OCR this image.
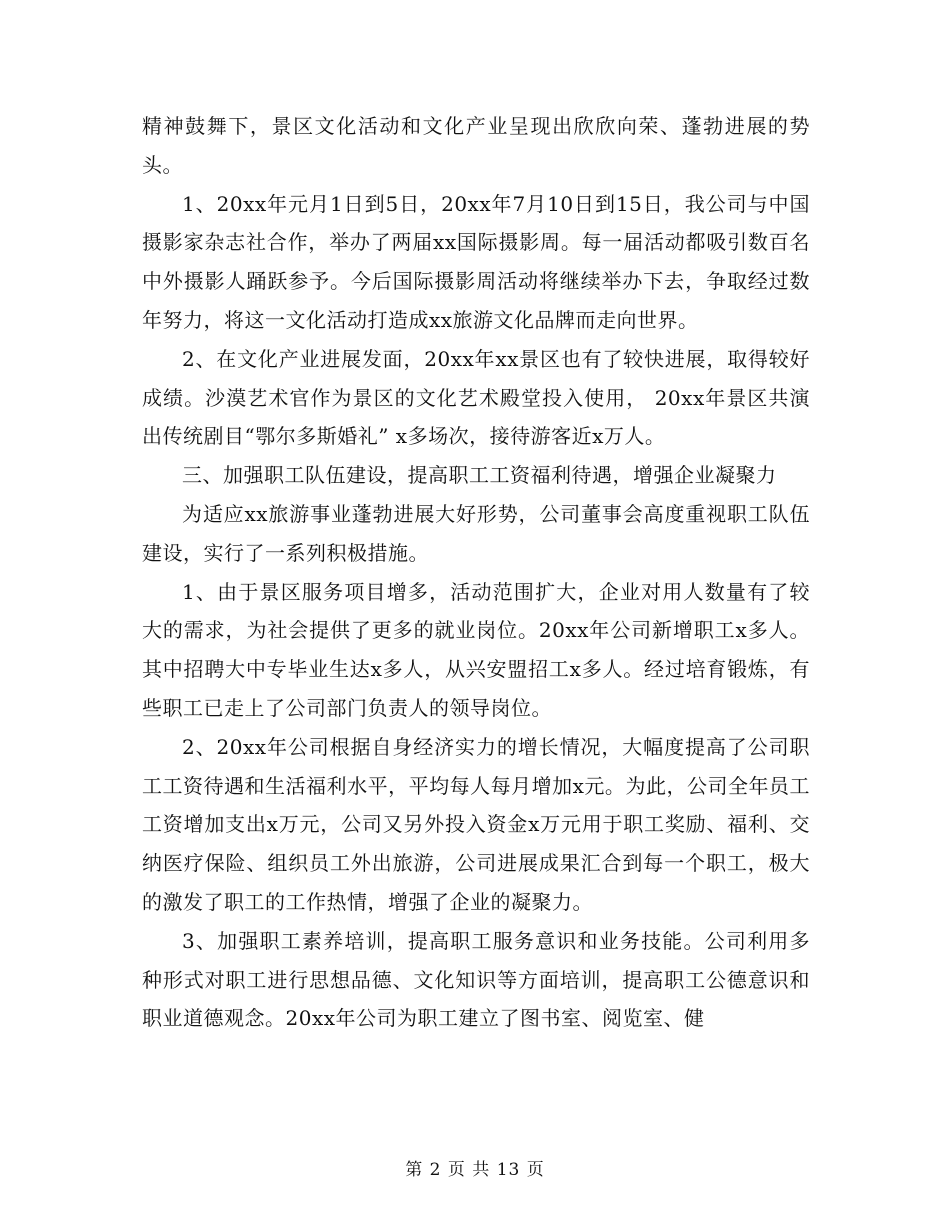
精神鼓舞下，景区文化活动和文化产业呈现出欣欣向荣、蓬勃进展的势头。

1、20xx年元月1日到5日，20xx年7月10日到15日，我公司与中国摄影家杂志社合作，举办了两届xx国际摄影周。每一届活动都吸引数百名中外摄影人踊跃参予。今后国际摄影周活动将继续举办下去，争取经过数年努力，将这一文化活动打造成xx旅游文化品牌而走向世界。

2、在文化产业进展发面，20xx年xx景区也有了较快进展，取得较好成绩。沙漠艺术官作为景区的文化艺术殿堂投入使用， 20xx年景区共演出传统剧目“鄂尔多斯婚礼” x多场次，接待游客近x万人。

三、加强职工队伍建设，提高职工工资福利待遇，增强企业凝聚力

为适应xx旅游事业蓬勃进展大好形势，公司董事会高度重视职工队伍建设，实行了一系列积极措施。

1、由于景区服务项目增多，活动范围扩大，企业对用人数量有了较大的需求，为社会提供了更多的就业岗位。20xx年公司新增职工x多人。其中招聘大中专毕业生达x多人，从兴安盟招工x多人。经过培育锻炼，有些职工已走上了公司部门负责人的领导岗位。

2、20xx年公司根据自身经济实力的增长情况，大幅度提高了公司职工工资待遇和生活福利水平，平均每人每月增加x元。为此，公司全年员工工资增加支出x万元，公司又另外投入资金x万元用于职工奖励、福利、交纳医疗保险、组织员工外出旅游，公司进展成果汇合到每一个职工，极大的激发了职工的工作热情，增强了企业的凝聚力。

3、加强职工素养培训，提高职工服务意识和业务技能。公司利用多种形式对职工进行思想品德、文化知识等方面培训，提高职工公德意识和职业道德观念。20xx年公司为职工建立了图书室、阅览室、健

第 2 页 共 13 页
